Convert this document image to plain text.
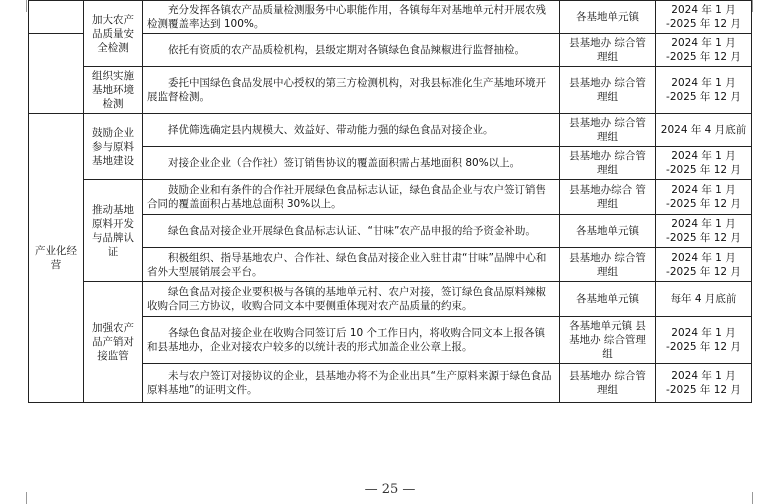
	加大农产品质量安全检测	充分发挥各镇农产品质量检测服务中心职能作用，各镇每年对基地单元村开展农残检测覆盖率达到 100%。	各基地单元镇	2024 年 1 月 -2025 年 12 月
		依托有资质的农产品质检机构，县级定期对各镇绿色食品辣椒进行监督抽检。	县基地办 综合管理组	2024 年 1 月 -2025 年 12 月
	组织实施基地环境检测	委托中国绿色食品发展中心授权的第三方检测机构，对我县标准化生产基地环境开展监督检测。	县基地办 综合管理组	2024 年 1 月 -2025 年 12 月
产业化经营	鼓励企业参与原料基地建设	择优筛选确定县内规模大、效益好、带动能力强的绿色食品对接企业。	县基地办 综合管理组	2024 年 4 月底前
		对接企业企业（合作社）签订销售协议的覆盖面积需占基地面积 80%以上。	县基地办 综合管理组	2024 年 1 月 -2025 年 12 月
	推动基地原料开发与品牌认证	鼓励企业和有条件的合作社开展绿色食品标志认证，绿色食品企业与农户签订销售合同的覆盖面积占基地总面积 30%以上。	县基地办综合 管理组	2024 年 1 月 -2025 年 12 月
		绿色食品对接企业开展绿色食品标志认证、“甘味”农产品申报的给予资金补助。	各基地单元镇	2024 年 1 月 -2025 年 12 月
		积极组织、指导基地农户、合作社、绿色食品对接企业入驻甘肃“甘味”品牌中心和省外大型展销展会平台。	县基地办 综合管理组	2024 年 1 月 -2025 年 12 月
	加强农产品产销对接监管	绿色食品对接企业要积极与各镇的基地单元村、农户对接，签订绿色食品原料辣椒收购合同三方协议，收购合同文本中要侧重体现对农产品质量的约束。	各基地单元镇	每年 4 月底前
		各绿色食品对接企业在收购合同签订后 10 个工作日内，将收购合同文本上报各镇和县基地办，企业对接农户较多的以统计表的形式加盖企业公章上报。	各基地单元镇 县基地办 综合管理组	2024 年 1 月 -2025 年 12 月
		未与农户签订对接协议的企业，县基地办将不为企业出具“生产原料来源于绿色食品原料基地”的证明文件。	县基地办 综合管理组	2024 年 1 月 -2025 年 12 月
— 25 —
